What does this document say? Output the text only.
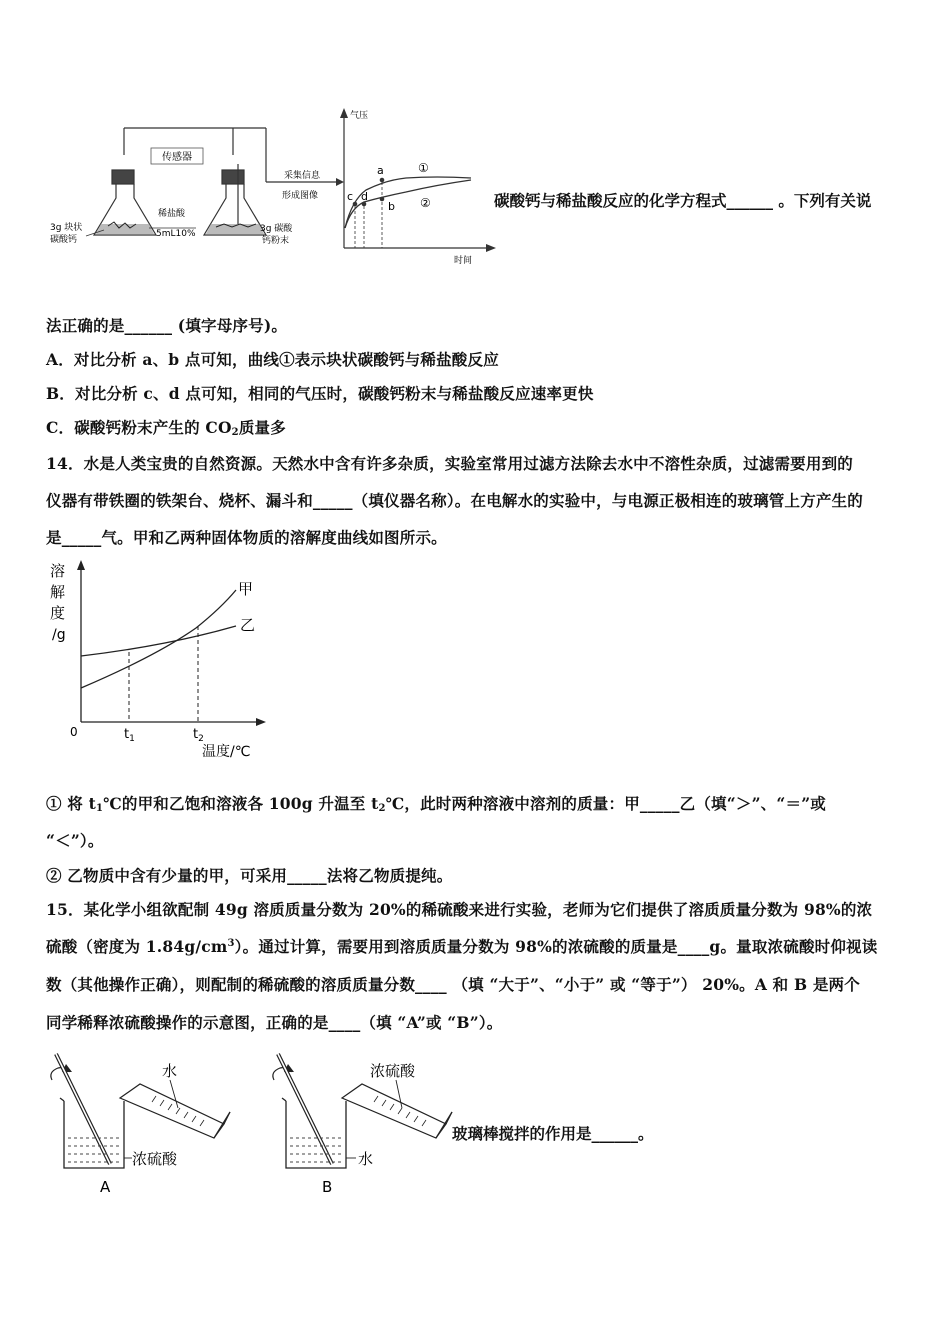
传感器
采集信息
形成图像
3g 块状
碳酸钙
稀盐酸
5mL10%	3g 碳酸
钙粉末
气压
时间
a
b
c d
①
②	碳酸钙与稀盐酸反应的化学方程式______ 。下列有关说
法正确的是______ (填字母序号)。
A．对比分析 a、b 点可知，曲线①表示块状碳酸钙与稀盐酸反应
B．对比分析 c、d 点可知，相同的气压时，碳酸钙粉末与稀盐酸反应速率更快
C．碳酸钙粉末产生的 $CO_2$质量多
14．水是人类宝贵的自然资源。天然水中含有许多杂质，实验室常用过滤方法除去水中不溶性杂质，过滤需要用到的
仪器有带铁圈的铁架台、烧杯、漏斗和_____（填仪器名称）。在电解水的实验中，与电源正极相连的玻璃管上方产生的
是_____气。甲和乙两种固体物质的溶解度曲线如图所示。
溶
解
度
/g
甲
乙
0	$t_1$	$t_2$
温度/℃
① 将 $t_1℃$的甲和乙饱和溶液各 100g 升温至 $t_2℃$，此时两种溶液中溶剂的质量：甲_____乙（填“＞”、“＝”或
“＜”）。
② 乙物质中含有少量的甲，可采用_____法将乙物质提纯。
15．某化学小组欲配制 49g 溶质质量分数为 20%的稀硫酸来进行实验，老师为它们提供了溶质质量分数为 98%的浓
硫酸（密度为 $1.84g/cm^3$）。通过计算，需要用到溶质质量分数为 98%的浓硫酸的质量是____g。量取浓硫酸时仰视读
数（其他操作正确），则配制的稀硫酸的溶质质量分数____ （填 “大于”、“小于” 或 “等于”） 20%。A 和 B 是两个
同学稀释浓硫酸操作的示意图，正确的是____（填 “A”或 “B”）。
水
浓硫酸
A
浓硫酸
水
B
玻璃棒搅拌的作用是______。
